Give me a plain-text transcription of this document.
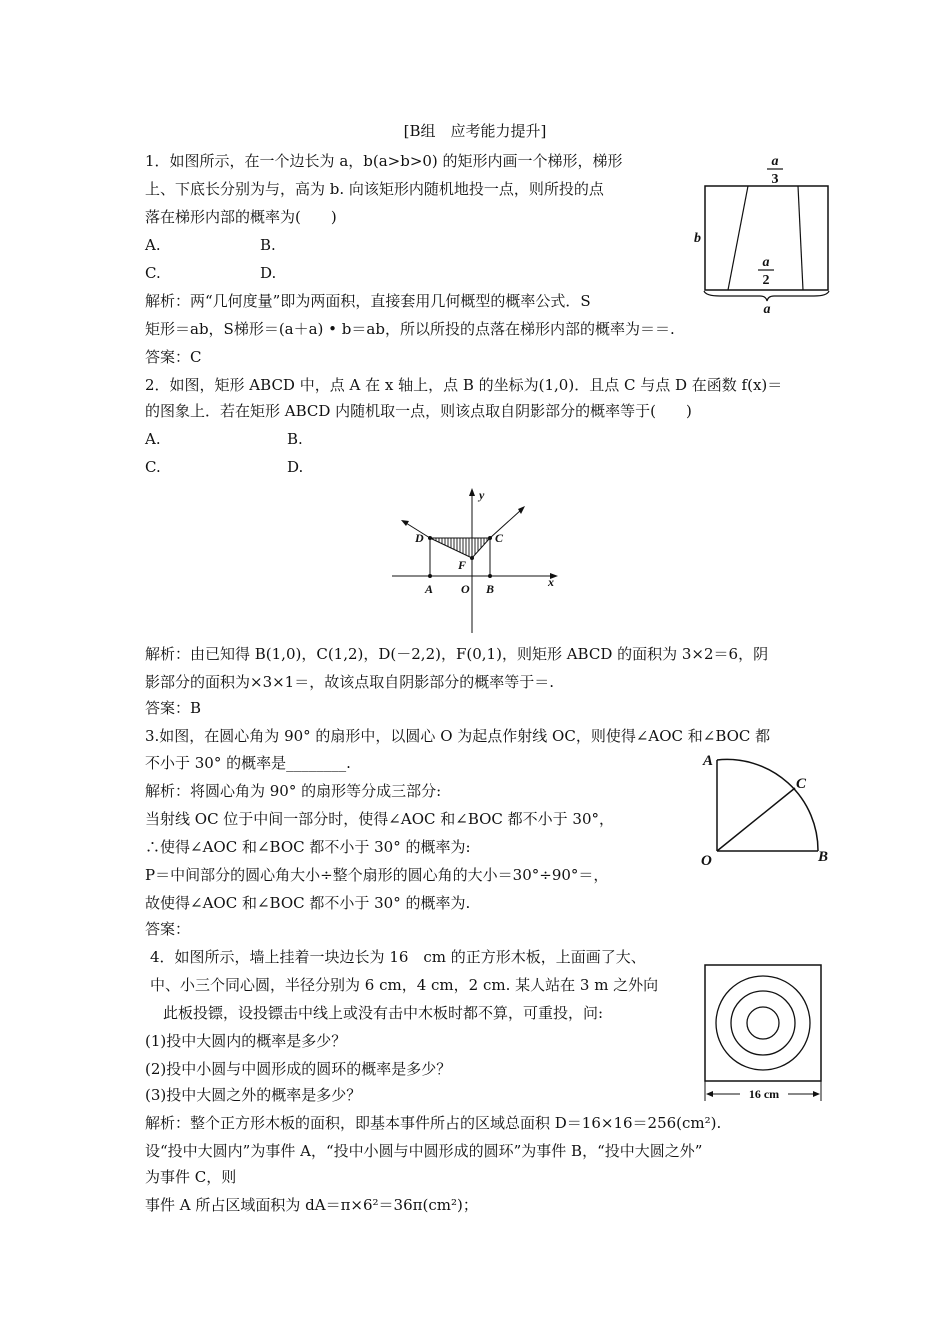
[B组　应考能力提升]
1．如图所示，在一个边长为 a，b(a>b>0) 的矩形内画一个梯形，梯形
上、下底长分别为与，高为 b. 向该矩形内随机地投一点，则所投的点
落在梯形内部的概率为(　　)
A.	B.
C.	D.
解析：两“几何度量”即为两面积，直接套用几何概型的概率公式．S
矩形＝ab，S梯形＝(a＋a) • b＝ab，所以所投的点落在梯形内部的概率为＝＝.
答案：C
a
3
b
a
2
a
2．如图，矩形 ABCD 中，点 A 在 x 轴上，点 B 的坐标为(1,0)．且点 C 与点 D 在函数 f(x)＝
的图象上．若在矩形 ABCD 内随机取一点，则该点取自阴影部分的概率等于(　　)
A.	B.
C.	D.
y
x
D	C
F
A O B
解析：由已知得 B(1,0)，C(1,2)，D(－2,2)，F(0,1)，则矩形 ABCD 的面积为 3×2＝6，阴
影部分的面积为×3×1＝，故该点取自阴影部分的概率等于＝.
答案：B
3.如图，在圆心角为 90° 的扇形中，以圆心 O 为起点作射线 OC，则使得∠AOC 和∠BOC 都
不小于 30° 的概率是________.
解析：将圆心角为 90° 的扇形等分成三部分:
当射线 OC 位于中间一部分时，使得∠AOC 和∠BOC 都不小于 30°，
∴使得∠AOC 和∠BOC 都不小于 30° 的概率为:
P＝中间部分的圆心角大小÷整个扇形的圆心角的大小＝30°÷90°＝，
故使得∠AOC 和∠BOC 都不小于 30° 的概率为.
答案：
A
C
O	B
4．如图所示，墙上挂着一块边长为 16　cm 的正方形木板，上面画了大、
中、小三个同心圆，半径分别为 6 cm，4 cm，2 cm. 某人站在 3 m 之外向
此板投镖，设投镖击中线上或没有击中木板时都不算，可重投，问:
(1)投中大圆内的概率是多少？
(2)投中小圆与中圆形成的圆环的概率是多少？
(3)投中大圆之外的概率是多少？
解析：整个正方形木板的面积，即基本事件所占的区域总面积 D＝16×16＝256(cm²).
设“投中大圆内”为事件 A，“投中小圆与中圆形成的圆环”为事件 B，“投中大圆之外”
为事件 C，则
事件 A 所占区域面积为 dA＝π×6²＝36π(cm²)；
16 cm
